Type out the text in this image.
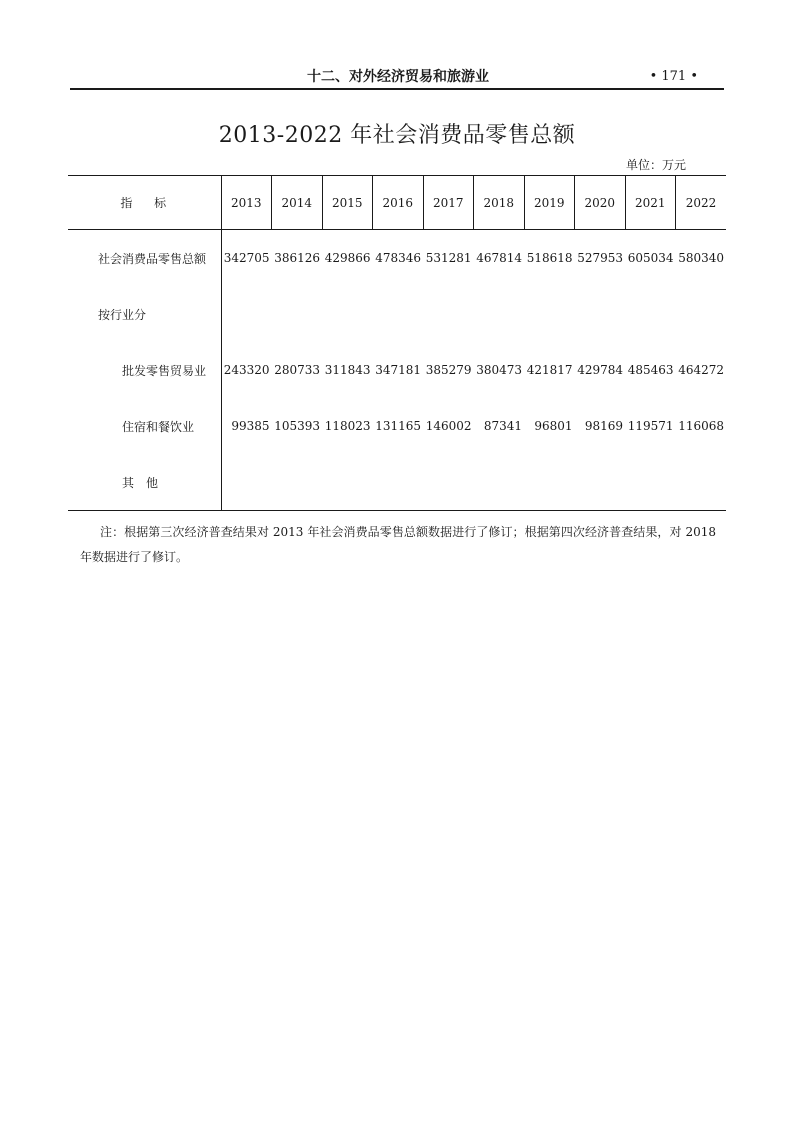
十二、对外经济贸易和旅游业	• 171 •
2013-2022 年社会消费品零售总额
单位：万元
指　 标	2013	2014	2015	2016	2017	2018	2019	2020	2021	2022
社会消费品零售总额	342705	386126	429866	478346	531281	467814	518618	527953	605034	580340
按行业分										
批发零售贸易业	243320	280733	311843	347181	385279	380473	421817	429784	485463	464272
住宿和餐饮业	99385	105393	118023	131165	146002	87341	96801	98169	119571	116068
其　他										

注：根据第三次经济普查结果对 2013 年社会消费品零售总额数据进行了修订；根据第四次经济普查结果，对 2018 年数据进行了修订。
